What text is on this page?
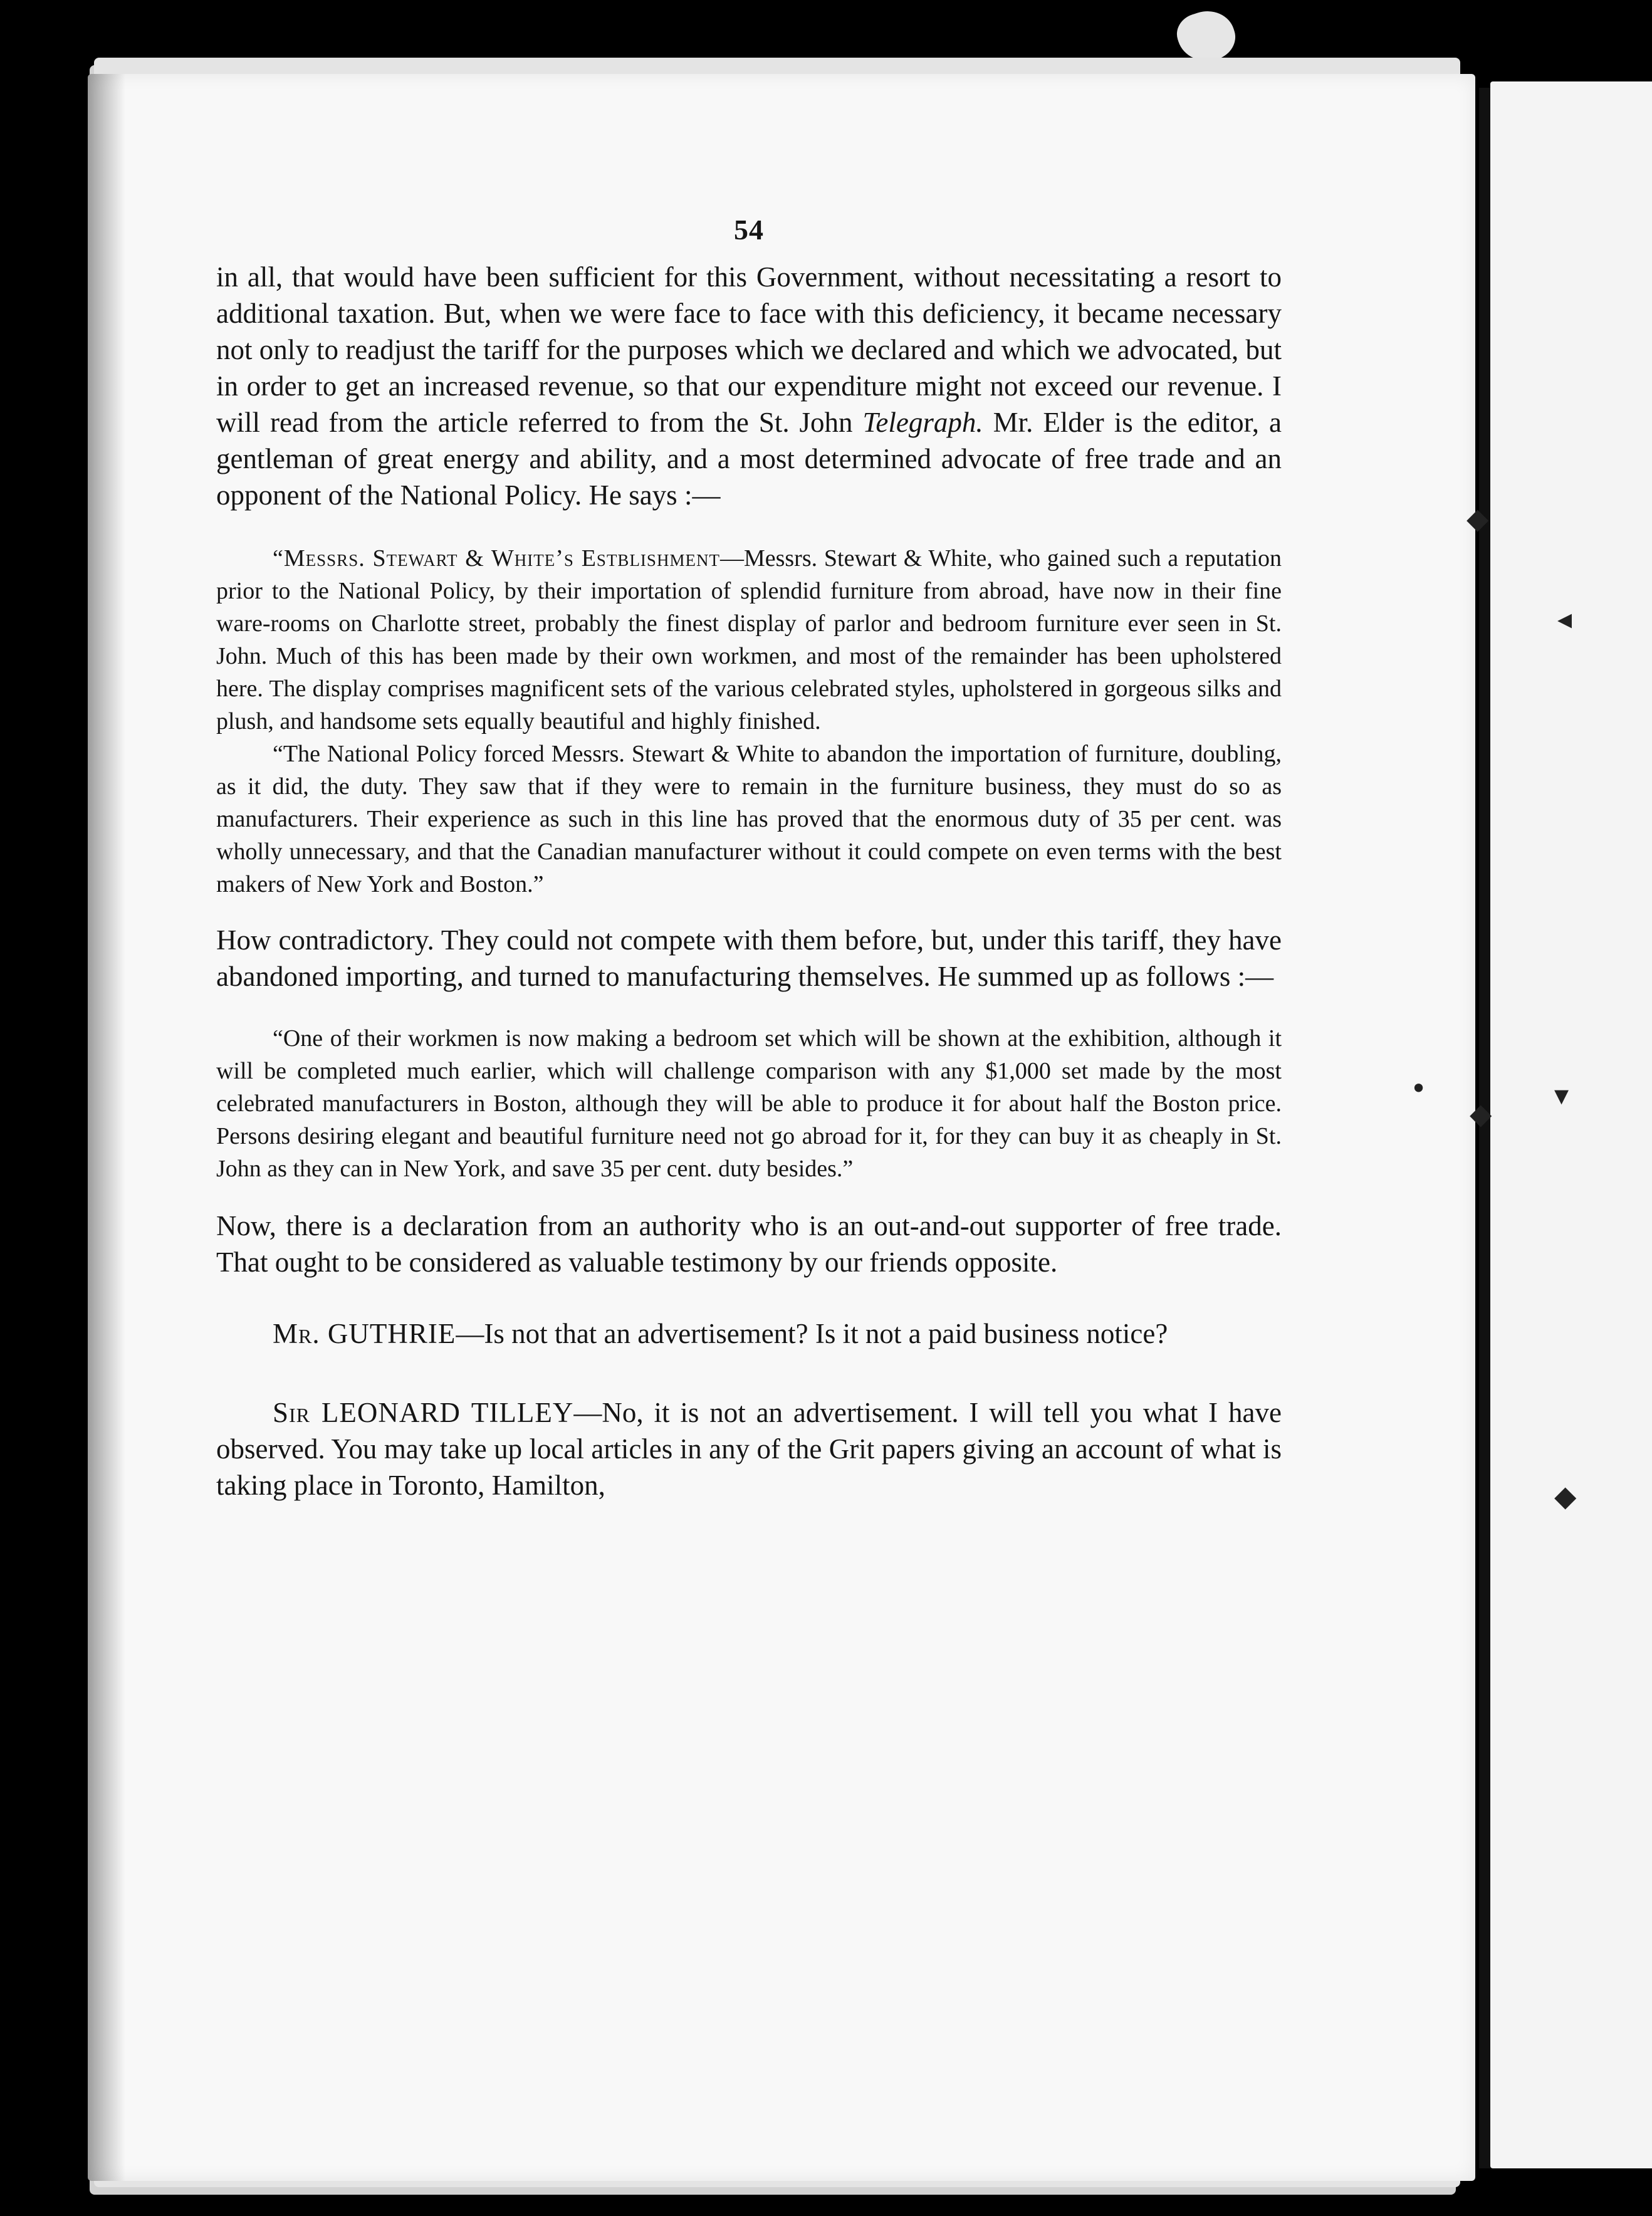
◆
◆
◂
▾
◆
•
54

in all, that would have been sufficient for this Government, without necessitating a resort to additional taxation. But, when we were face to face with this deficiency, it became necessary not only to readjust the tariff for the purposes which we declared and which we advocated, but in order to get an increased revenue, so that our expenditure might not exceed our revenue. I will read from the article referred to from the St. John Telegraph. Mr. Elder is the editor, a gentleman of great energy and ability, and a most determined advocate of free trade and an opponent of the National Policy. He says :—

“Messrs. Stewart & White’s Estblishment—Messrs. Stewart & White, who gained such a reputation prior to the National Policy, by their importation of splendid furniture from abroad, have now in their fine ware-rooms on Charlotte street, probably the finest display of parlor and bedroom furniture ever seen in St. John. Much of this has been made by their own workmen, and most of the remainder has been upholstered here. The display comprises magnificent sets of the various celebrated styles, upholstered in gorgeous silks and plush, and handsome sets equally beautiful and highly finished.

“The National Policy forced Messrs. Stewart & White to abandon the importation of furniture, doubling, as it did, the duty. They saw that if they were to remain in the furniture business, they must do so as manufacturers. Their experience as such in this line has proved that the enormous duty of 35 per cent. was wholly unnecessary, and that the Canadian manufacturer without it could compete on even terms with the best makers of New York and Boston.”

How contradictory. They could not compete with them before, but, under this tariff, they have abandoned importing, and turned to manufacturing themselves. He summed up as follows :—

“One of their workmen is now making a bedroom set which will be shown at the exhibition, although it will be completed much earlier, which will challenge comparison with any $1,000 set made by the most celebrated manufacturers in Boston, although they will be able to produce it for about half the Boston price. Persons desiring elegant and beautiful furniture need not go abroad for it, for they can buy it as cheaply in St. John as they can in New York, and save 35 per cent. duty besides.”

Now, there is a declaration from an authority who is an out-and-out supporter of free trade. That ought to be considered as valuable testimony by our friends opposite.

Mr. GUTHRIE—Is not that an advertisement? Is it not a paid business notice?

Sir LEONARD TILLEY—No, it is not an advertisement. I will tell you what I have observed. You may take up local articles in any of the Grit papers giving an account of what is taking place in Toronto, Hamilton,
